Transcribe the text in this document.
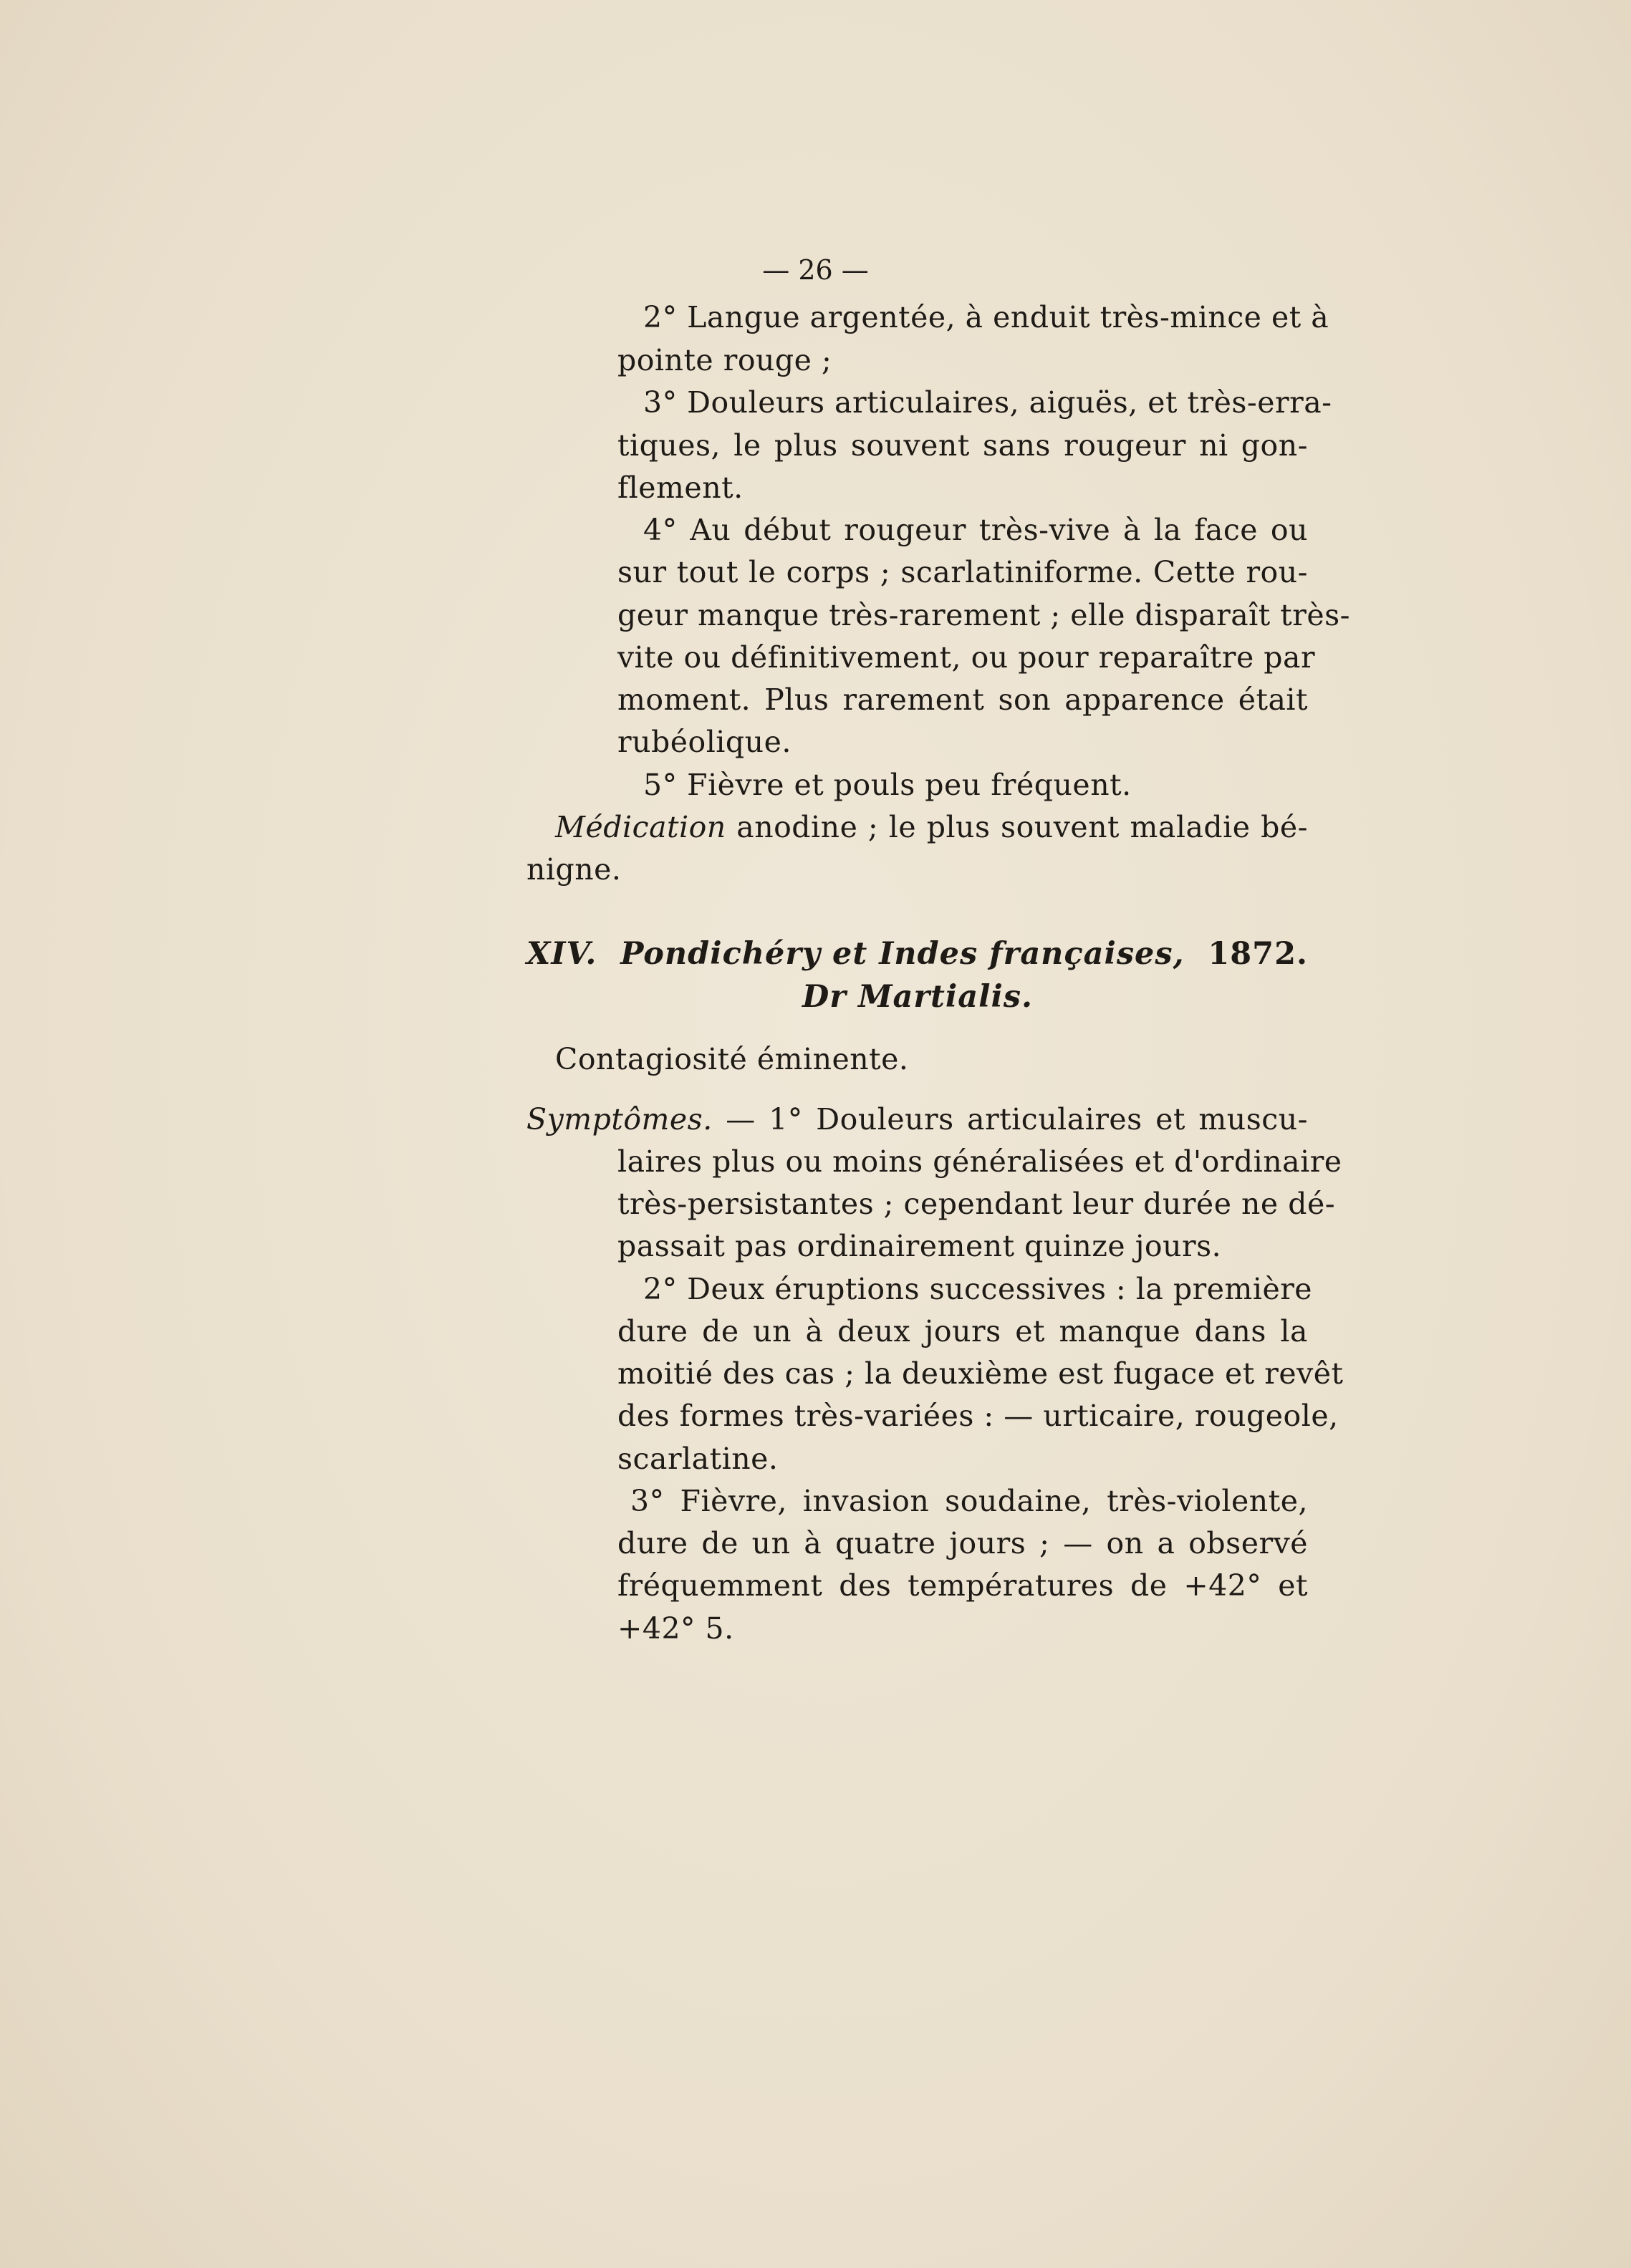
— 26 —
2° Langue argentée, à enduit très-mince et à
pointe rouge ;
3° Douleurs articulaires, aiguës, et très-erra-
tiques, le plus souvent sans rougeur ni gon-
flement.
4° Au début rougeur très-vive à la face ou
sur tout le corps ; scarlatiniforme. Cette rou-
geur manque très-rarement ; elle disparaît très-
vite ou définitivement, ou pour reparaître par
moment. Plus rarement son apparence était
rubéolique.
5° Fièvre et pouls peu fréquent.
Médication anodine ; le plus souvent maladie bé-
nigne.
XIV. Pondichéry et Indes françaises, 1872.
Dr Martialis.
Contagiosité éminente.
Symptômes. — 1° Douleurs articulaires et muscu-
laires plus ou moins généralisées et d'ordinaire
très-persistantes ; cependant leur durée ne dé-
passait pas ordinairement quinze jours.
2° Deux éruptions successives : la première
dure de un à deux jours et manque dans la
moitié des cas ; la deuxième est fugace et revêt
des formes très-variées : — urticaire, rougeole,
scarlatine.
3° Fièvre, invasion soudaine, très-violente,
dure de un à quatre jours ; — on a observé
fréquemment des températures de +42° et
+42° 5.
